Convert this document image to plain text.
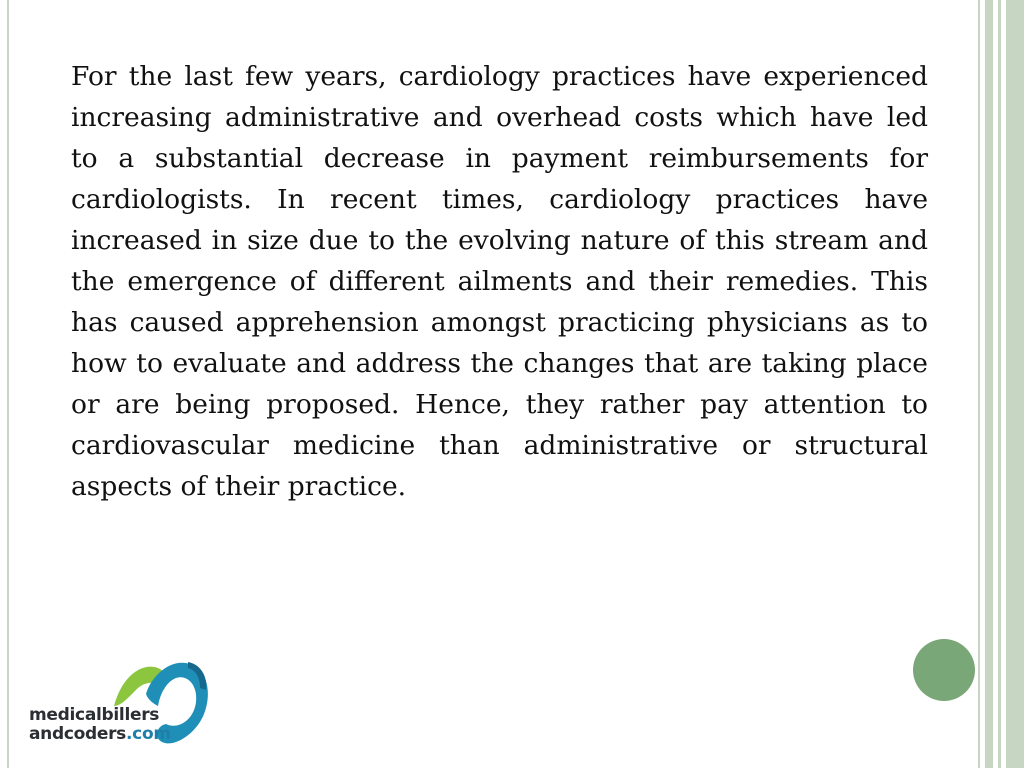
For the last few years, cardiology practices have experienced increasing administrative and overhead costs which have led to a substantial decrease in payment reimbursements for cardiologists. In recent times, cardiology practices have increased in size due to the evolving nature of this stream and the emergence of different ailments and their remedies. This has caused apprehension amongst practicing physicians as to how to evaluate and address the changes that are taking place or are being proposed. Hence, they rather pay attention to cardiovascular medicine than administrative or structural aspects of their practice.

medicalbillers
andcoders.com
